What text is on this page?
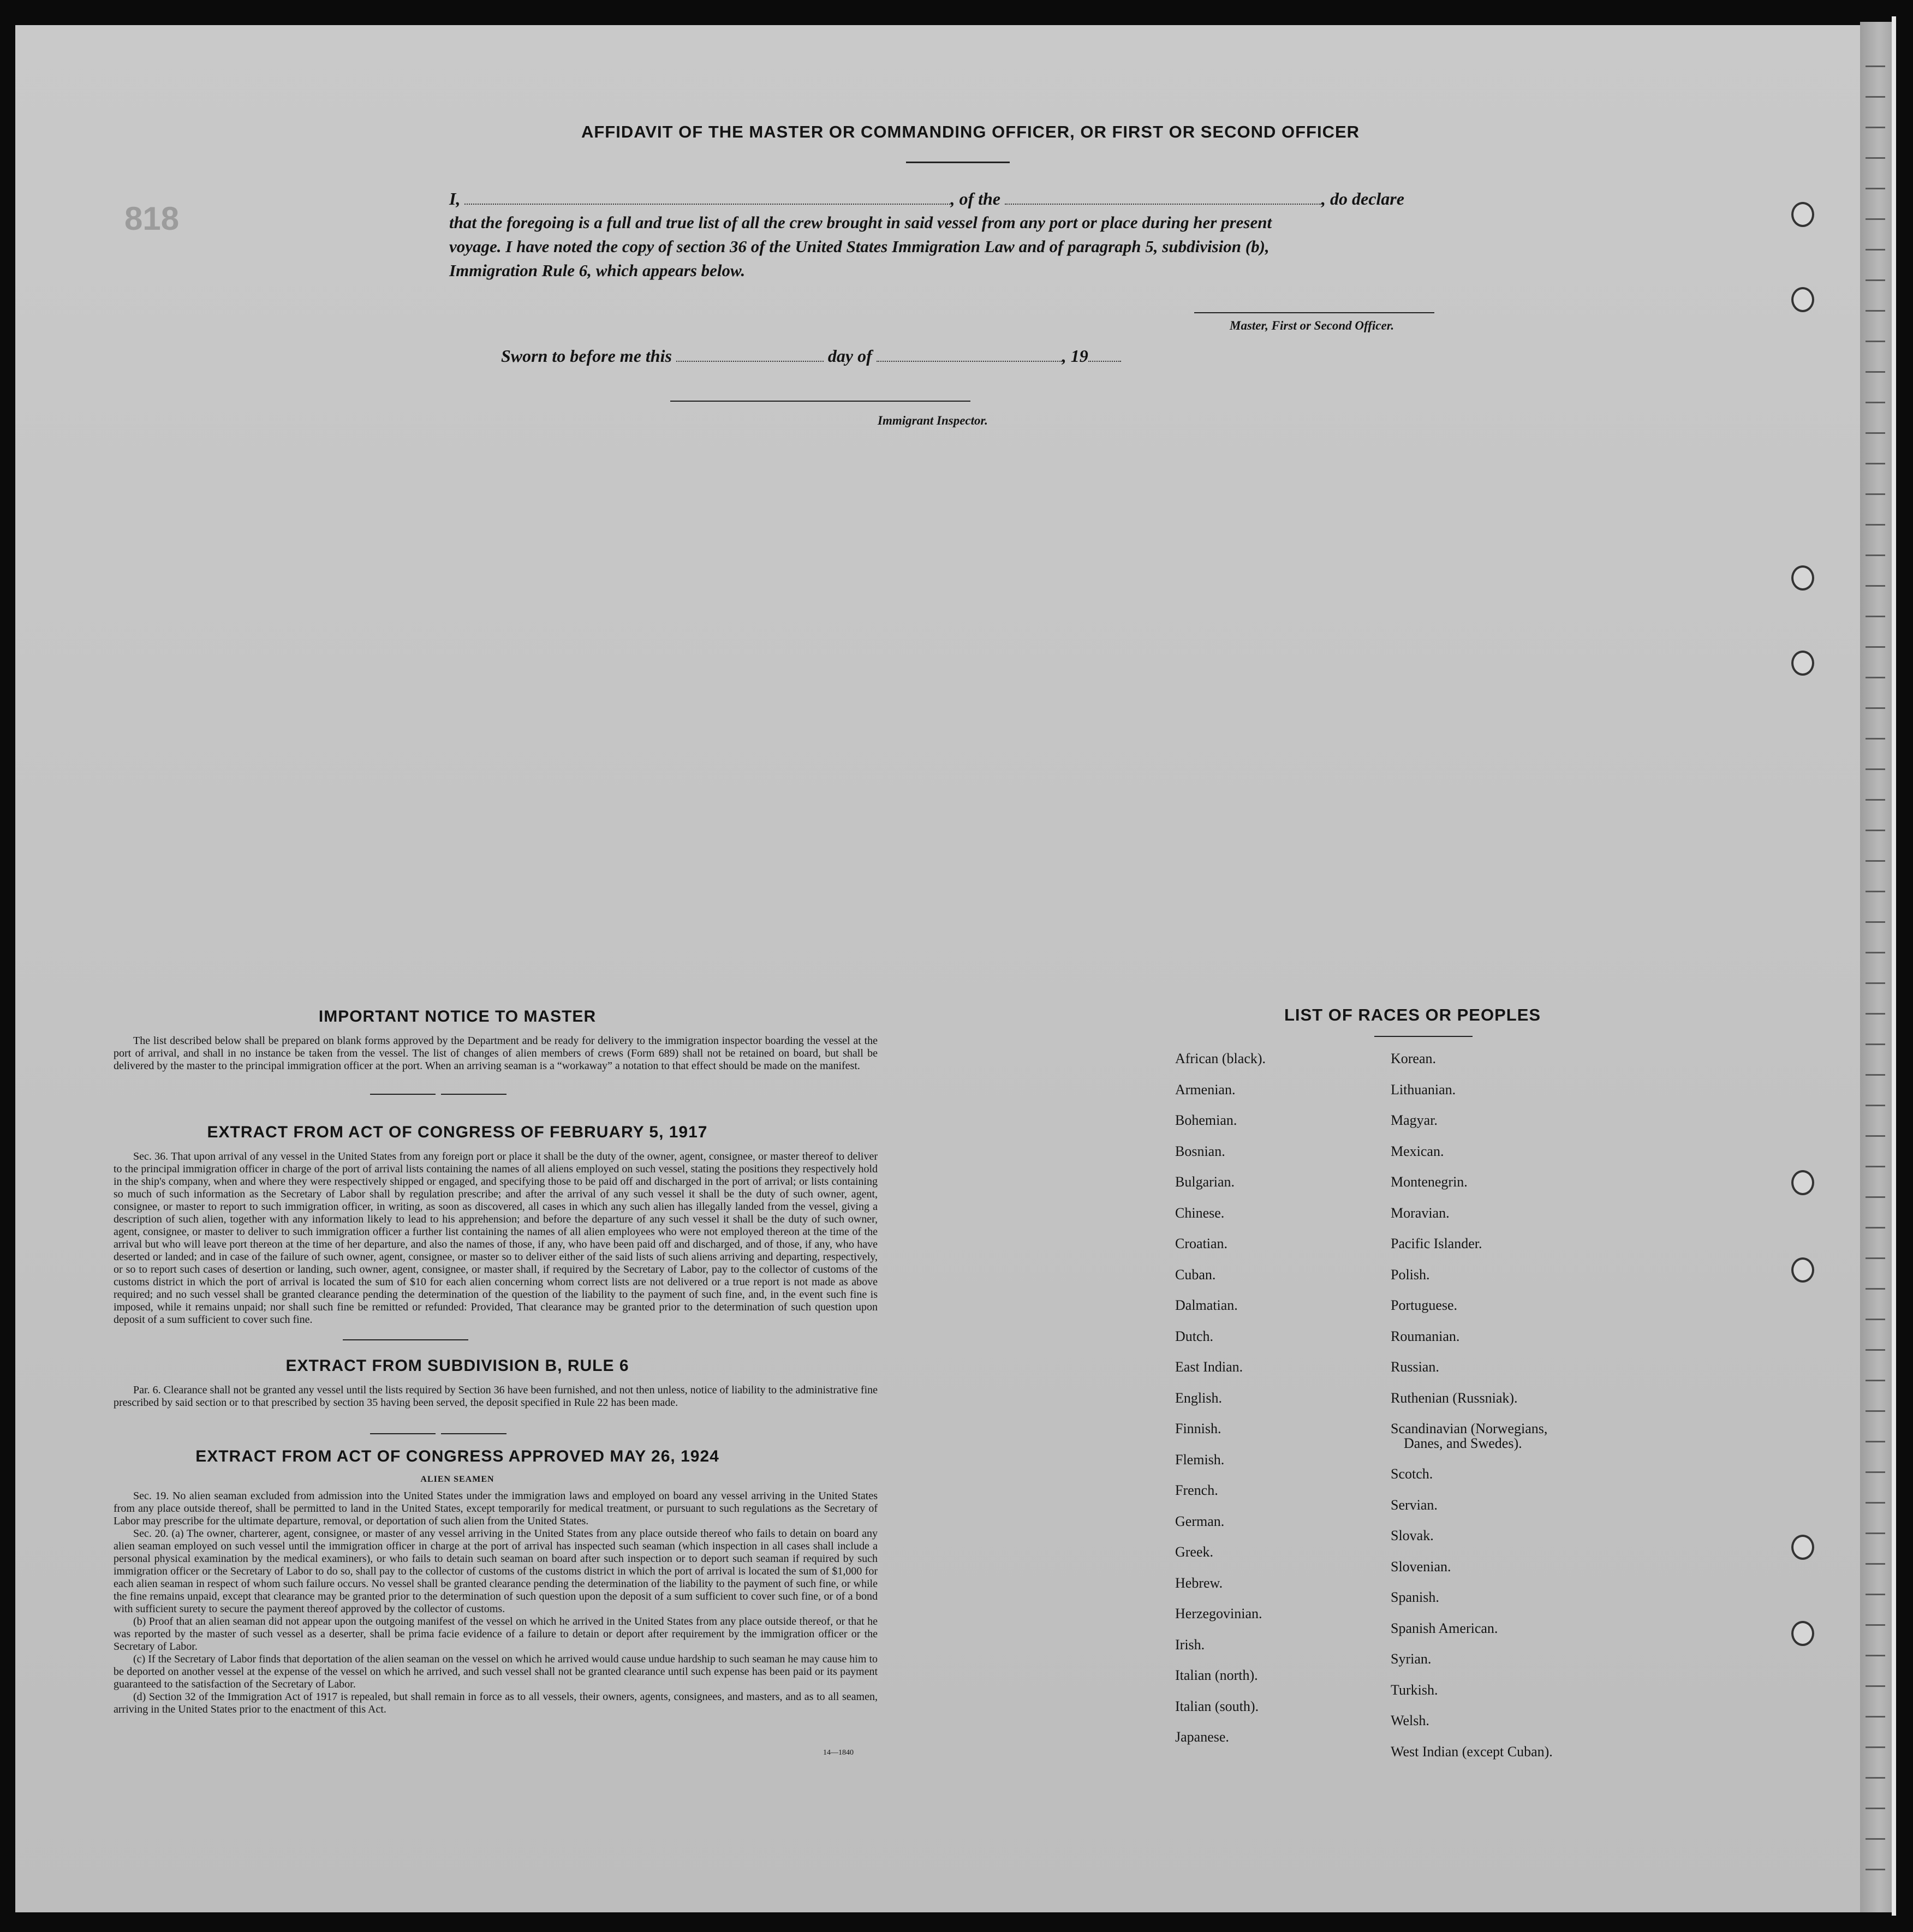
818
AFFIDAVIT OF THE MASTER OR COMMANDING OFFICER, OR FIRST OR SECOND OFFICER
I,	, of the	, do declare
that the foregoing is a full and true list of all the crew brought in said vessel from any port or place during her present
voyage. I have noted the copy of section 36 of the United States Immigration Law and of paragraph 5, subdivision (b),
Immigration Rule 6, which appears below.
Master, First or Second Officer.
Sworn to before me this	day of	, 19
Immigrant Inspector.
IMPORTANT NOTICE TO MASTER

The list described below shall be prepared on blank forms approved by the Department and be ready for delivery to the immigration inspector boarding the vessel at the port of arrival, and shall in no instance be taken from the vessel. The list of changes of alien members of crews (Form 689) shall not be retained on board, but shall be delivered by the master to the principal immigration officer at the port. When an arriving seaman is a “workaway” a notation to that effect should be made on the manifest.

EXTRACT FROM ACT OF CONGRESS OF FEBRUARY 5, 1917

Sec. 36. That upon arrival of any vessel in the United States from any foreign port or place it shall be the duty of the owner, agent, consignee, or master thereof to deliver to the principal immigration officer in charge of the port of arrival lists containing the names of all aliens employed on such vessel, stating the positions they respectively hold in the ship's company, when and where they were respectively shipped or engaged, and specifying those to be paid off and discharged in the port of arrival; or lists containing so much of such information as the Secretary of Labor shall by regulation prescribe; and after the arrival of any such vessel it shall be the duty of such owner, agent, consignee, or master to report to such immigration officer, in writing, as soon as discovered, all cases in which any such alien has illegally landed from the vessel, giving a description of such alien, together with any information likely to lead to his apprehension; and before the departure of any such vessel it shall be the duty of such owner, agent, consignee, or master to deliver to such immigration officer a further list containing the names of all alien employees who were not employed thereon at the time of the arrival but who will leave port thereon at the time of her departure, and also the names of those, if any, who have been paid off and discharged, and of those, if any, who have deserted or landed; and in case of the failure of such owner, agent, consignee, or master so to deliver either of the said lists of such aliens arriving and departing, respectively, or so to report such cases of desertion or landing, such owner, agent, consignee, or master shall, if required by the Secretary of Labor, pay to the collector of customs of the customs district in which the port of arrival is located the sum of $10 for each alien concerning whom correct lists are not delivered or a true report is not made as above required; and no such vessel shall be granted clearance pending the determination of the question of the liability to the payment of such fine, and, in the event such fine is imposed, while it remains unpaid; nor shall such fine be remitted or refunded: Provided, That clearance may be granted prior to the determination of such question upon deposit of a sum sufficient to cover such fine.

EXTRACT FROM SUBDIVISION B, RULE 6

Par. 6. Clearance shall not be granted any vessel until the lists required by Section 36 have been furnished, and not then unless, notice of liability to the administrative fine prescribed by said section or to that prescribed by section 35 having been served, the deposit specified in Rule 22 has been made.

EXTRACT FROM ACT OF CONGRESS APPROVED MAY 26, 1924
ALIEN SEAMEN

Sec. 19. No alien seaman excluded from admission into the United States under the immigration laws and employed on board any vessel arriving in the United States from any place outside thereof, shall be permitted to land in the United States, except temporarily for medical treatment, or pursuant to such regulations as the Secretary of Labor may prescribe for the ultimate departure, removal, or deportation of such alien from the United States.

Sec. 20. (a) The owner, charterer, agent, consignee, or master of any vessel arriving in the United States from any place outside thereof who fails to detain on board any alien seaman employed on such vessel until the immigration officer in charge at the port of arrival has inspected such seaman (which inspection in all cases shall include a personal physical examination by the medical examiners), or who fails to detain such seaman on board after such inspection or to deport such seaman if required by such immigration officer or the Secretary of Labor to do so, shall pay to the collector of customs of the customs district in which the port of arrival is located the sum of $1,000 for each alien seaman in respect of whom such failure occurs. No vessel shall be granted clearance pending the determination of the liability to the payment of such fine, or while the fine remains unpaid, except that clearance may be granted prior to the determination of such question upon the deposit of a sum sufficient to cover such fine, or of a bond with sufficient surety to secure the payment thereof approved by the collector of customs.

(b) Proof that an alien seaman did not appear upon the outgoing manifest of the vessel on which he arrived in the United States from any place outside thereof, or that he was reported by the master of such vessel as a deserter, shall be prima facie evidence of a failure to detain or deport after requirement by the immigration officer or the Secretary of Labor.

(c) If the Secretary of Labor finds that deportation of the alien seaman on the vessel on which he arrived would cause undue hardship to such seaman he may cause him to be deported on another vessel at the expense of the vessel on which he arrived, and such vessel shall not be granted clearance until such expense has been paid or its payment guaranteed to the satisfaction of the Secretary of Labor.

(d) Section 32 of the Immigration Act of 1917 is repealed, but shall remain in force as to all vessels, their owners, agents, consignees, and masters, and as to all seamen, arriving in the United States prior to the enactment of this Act.

14—1840
LIST OF RACES OR PEOPLES
African (black).
Armenian.
Bohemian.
Bosnian.
Bulgarian.
Chinese.
Croatian.
Cuban.
Dalmatian.
Dutch.
East Indian.
English.
Finnish.
Flemish.
French.
German.
Greek.
Hebrew.
Herzegovinian.
Irish.
Italian (north).
Italian (south).
Japanese.
Korean.
Lithuanian.
Magyar.
Mexican.
Montenegrin.
Moravian.
Pacific Islander.
Polish.
Portuguese.
Roumanian.
Russian.
Ruthenian (Russniak).
Scandinavian (Norwegians,
Danes, and Swedes).
Scotch.
Servian.
Slovak.
Slovenian.
Spanish.
Spanish American.
Syrian.
Turkish.
Welsh.
West Indian (except Cuban).
